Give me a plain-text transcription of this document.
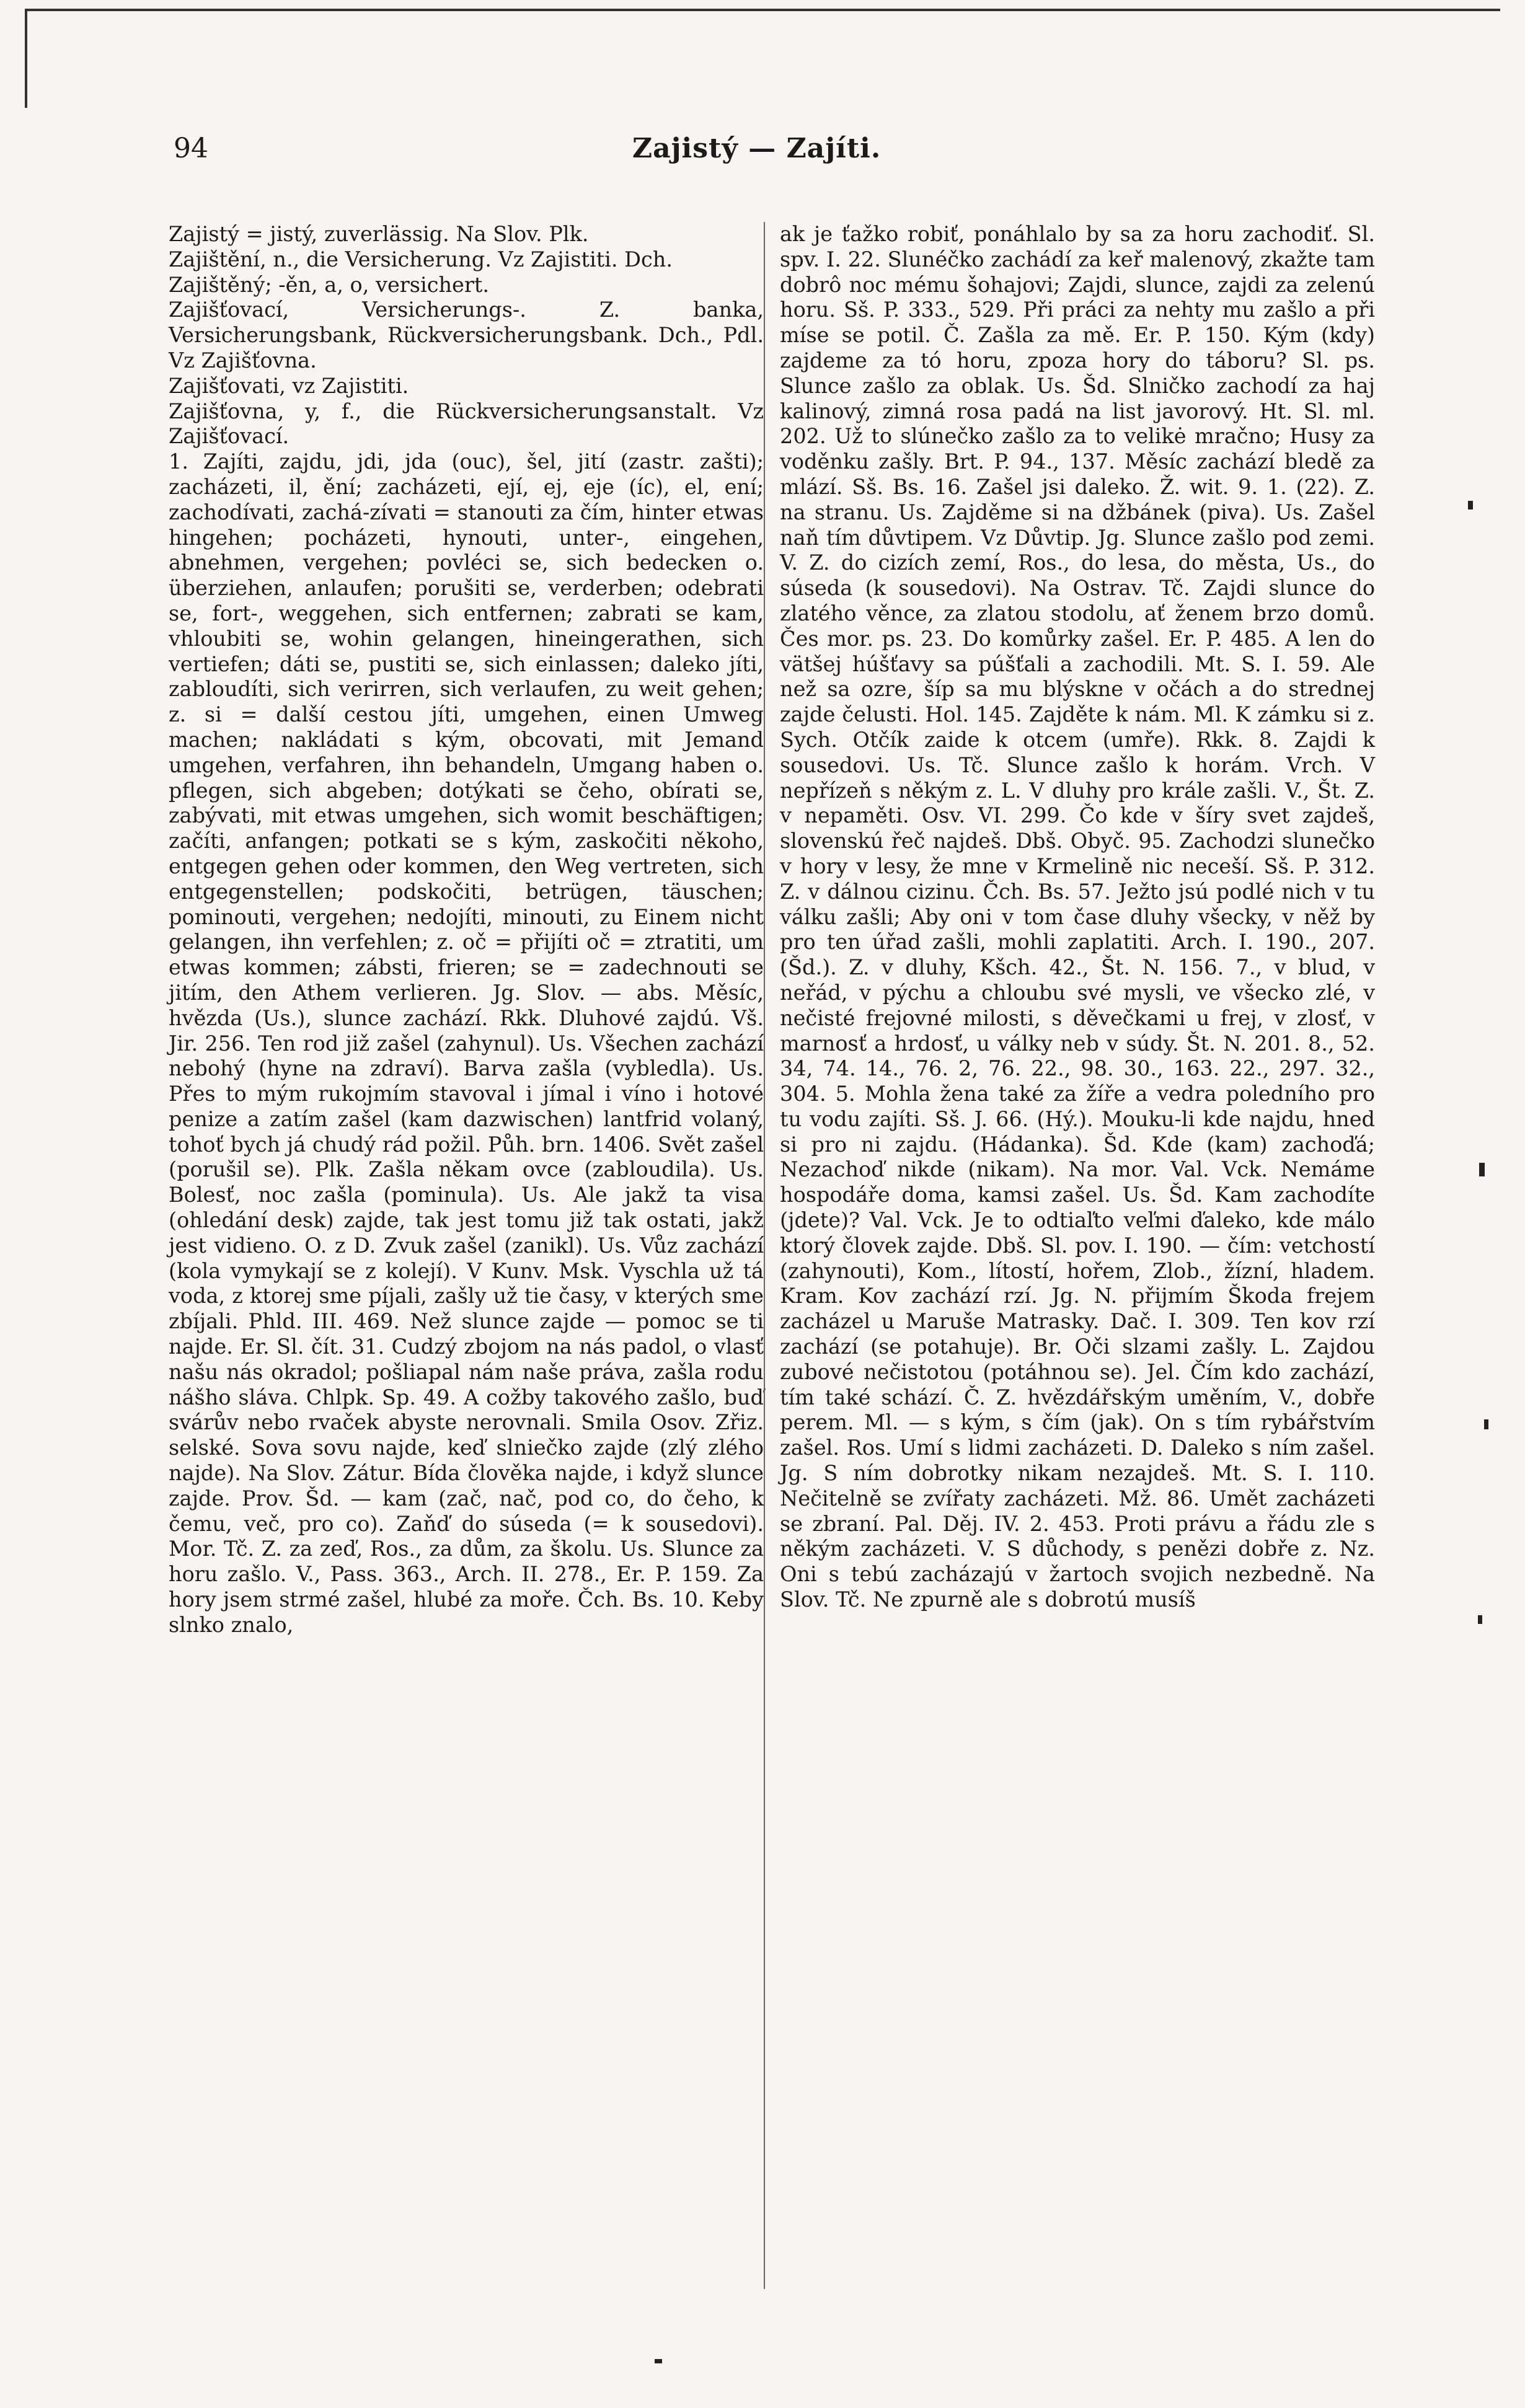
94	Zajistý — Zajíti.

Zajistý = jistý, zuverlässig. Na Slov. Plk.

Zajištění, n., die Versicherung. Vz Zajistiti. Dch.

Zajištěný; -ěn, a, o, versichert.

Zajišťovací, Versicherungs-. Z. banka, Versicherungsbank, Rückversicherungsbank. Dch., Pdl. Vz Zajišťovna.

Zajišťovati, vz Zajistiti.

Zajišťovna, y, f., die Rückversicherungsanstalt. Vz Zajišťovací.

1. Zajíti, zajdu, jdi, jda (ouc), šel, jití (zastr. zašti); zacházeti, il, ění; zacházeti, ejí, ej, eje (íc), el, ení; zachodívati, zachá-zívati = stanouti za čím, hinter etwas hingehen; pocházeti, hynouti, unter-, eingehen, abnehmen, vergehen; povléci se, sich bedecken o. überziehen, anlaufen; porušiti se, verderben; odebrati se, fort-, weggehen, sich entfernen; zabrati se kam, vhloubiti se, wohin gelangen, hineingerathen, sich vertiefen; dáti se, pustiti se, sich einlassen; daleko jíti, zabloudíti, sich verirren, sich verlaufen, zu weit gehen; z. si = další cestou jíti, umgehen, einen Umweg machen; nakládati s kým, obcovati, mit Jemand umgehen, verfahren, ihn behandeln, Umgang haben o. pflegen, sich abgeben; dotýkati se čeho, obírati se, zabývati, mit etwas umgehen, sich womit beschäftigen; začíti, anfangen; potkati se s kým, zaskočiti někoho, entgegen gehen oder kommen, den Weg vertreten, sich entgegenstellen; podskočiti, betrügen, täuschen; pominouti, vergehen; nedojíti, minouti, zu Einem nicht gelangen, ihn verfehlen; z. oč = přijíti oč = ztratiti, um etwas kommen; zábsti, frieren; se = zadechnouti se jitím, den Athem verlieren. Jg. Slov. — abs. Měsíc, hvězda (Us.), slunce zachází. Rkk. Dluhové zajdú. Vš. Jir. 256. Ten rod již zašel (zahynul). Us. Všechen zachází nebohý (hyne na zdraví). Barva zašla (vybledla). Us. Přes to mým rukojmím stavoval i jímal i víno i hotové penize a zatím zašel (kam dazwischen) lantfrid volaný, tohoť bych já chudý rád požil. Půh. brn. 1406. Svět zašel (porušil se). Plk. Zašla někam ovce (zabloudila). Us. Bolesť, noc zašla (pominula). Us. Ale jakž ta visa (ohledání desk) zajde, tak jest tomu již tak ostati, jakž jest vidieno. O. z D. Zvuk zašel (zanikl). Us. Vůz zachází (kola vymykají se z kolejí). V Kunv. Msk. Vyschla už tá voda, z ktorej sme píjali, zašly už tie časy, v kterých sme zbíjali. Phld. III. 469. Než slunce zajde — pomoc se ti najde. Er. Sl. čít. 31. Cudzý zbojom na nás padol, o vlasť našu nás okradol; pošliapal nám naše práva, zašla rodu nášho sláva. Chlpk. Sp. 49. A cožby takového zašlo, buď svárův nebo rvaček abyste nerovnali. Smila Osov. Zřiz. selské. Sova sovu najde, keď slniečko zajde (zlý zlého najde). Na Slov. Zátur. Bída člověka najde, i když slunce zajde. Prov. Šd. — kam (zač, nač, pod co, do čeho, k čemu, več, pro co). Zaňď do súseda (= k sousedovi). Mor. Tč. Z. za zeď, Ros., za dům, za školu. Us. Slunce za horu zašlo. V., Pass. 363., Arch. II. 278., Er. P. 159. Za hory jsem strmé zašel, hlubé za moře. Čch. Bs. 10. Keby slnko znalo,

ak je ťažko robiť, ponáhlalo by sa za horu zachodiť. Sl. spv. I. 22. Slunéčko zachádí za keř malenový, zkažte tam dobrô noc mému šohajovi; Zajdi, slunce, zajdi za zelenú horu. Sš. P. 333., 529. Při práci za nehty mu zašlo a při míse se potil. Č. Zašla za mě. Er. P. 150. Kým (kdy) zajdeme za tó horu, zpoza hory do táboru? Sl. ps. Slunce zašlo za oblak. Us. Šd. Slničko zachodí za haj kalinový, zimná rosa padá na list javorový. Ht. Sl. ml. 202. Už to slúnečko zašlo za to velikė mračno; Husy za voděnku zašly. Brt. P. 94., 137. Měsíc zachází bledě za mlází. Sš. Bs. 16. Zašel jsi daleko. Ž. wit. 9. 1. (22). Z. na stranu. Us. Zajděme si na džbánek (piva). Us. Zašel naň tím důvtipem. Vz Důvtip. Jg. Slunce zašlo pod zemi. V. Z. do cizích zemí, Ros., do lesa, do města, Us., do súseda (k sousedovi). Na Ostrav. Tč. Zajdi slunce do zlatého věnce, za zlatou stodolu, ať ženem brzo domů. Čes mor. ps. 23. Do komůrky zašel. Er. P. 485. A len do vätšej húšťavy sa púšťali a zachodili. Mt. S. I. 59. Ale než sa ozre, šíp sa mu blýskne v očách a do strednej zajde čelusti. Hol. 145. Zajděte k nám. Ml. K zámku si z. Sych. Otčík zaide k otcem (umře). Rkk. 8. Zajdi k sousedovi. Us. Tč. Slunce zašlo k horám. Vrch. V nepřízeň s někým z. L. V dluhy pro krále zašli. V., Št. Z. v nepaměti. Osv. VI. 299. Čo kde v šíry svet zajdeš, slovenskú řeč najdeš. Dbš. Obyč. 95. Zachodzi slunečko v hory v lesy, že mne v Krmelině nic neceší. Sš. P. 312. Z. v dálnou cizinu. Čch. Bs. 57. Ježto jsú podlé nich v tu válku zašli; Aby oni v tom čase dluhy všecky, v něž by pro ten úřad zašli, mohli zaplatiti. Arch. I. 190., 207. (Šd.). Z. v dluhy, Kšch. 42., Št. N. 156. 7., v blud, v neřád, v pýchu a chloubu své mysli, ve všecko zlé, v nečisté frejovné milosti, s děvečkami u frej, v zlosť, v marnosť a hrdosť, u války neb v súdy. Št. N. 201. 8., 52. 34, 74. 14., 76. 2, 76. 22., 98. 30., 163. 22., 297. 32., 304. 5. Mohla žena také za žíře a vedra poledního pro tu vodu zajíti. Sš. J. 66. (Hý.). Mouku-li kde najdu, hned si pro ni zajdu. (Hádanka). Šd. Kde (kam) zachoďá; Nezachoď nikde (nikam). Na mor. Val. Vck. Nemáme hospodáře doma, kamsi zašel. Us. Šd. Kam zachodíte (jdete)? Val. Vck. Je to odtiaľto veľmi ďaleko, kde málo ktorý človek zajde. Dbš. Sl. pov. I. 190. — čím: vetchostí (zahynouti), Kom., lítostí, hořem, Zlob., žízní, hladem. Kram. Kov zachází rzí. Jg. N. přijmím Škoda frejem zacházel u Maruše Matrasky. Dač. I. 309. Ten kov rzí zachází (se potahuje). Br. Oči slzami zašly. L. Zajdou zubové nečistotou (potáhnou se). Jel. Čím kdo zachází, tím také schází. Č. Z. hvězdářským uměním, V., dobře perem. Ml. — s kým, s čím (jak). On s tím rybářstvím zašel. Ros. Umí s lidmi zacházeti. D. Daleko s ním zašel. Jg. S ním dobrotky nikam nezajdeš. Mt. S. I. 110. Nečitelně se zvířaty zacházeti. Mž. 86. Umět zacházeti se zbraní. Pal. Děj. IV. 2. 453. Proti právu a řádu zle s někým zacházeti. V. S důchody, s penězi dobře z. Nz. Oni s tebú zacházajú v žartoch svojich nezbedně. Na Slov. Tč. Ne zpurně ale s dobrotú musíš
